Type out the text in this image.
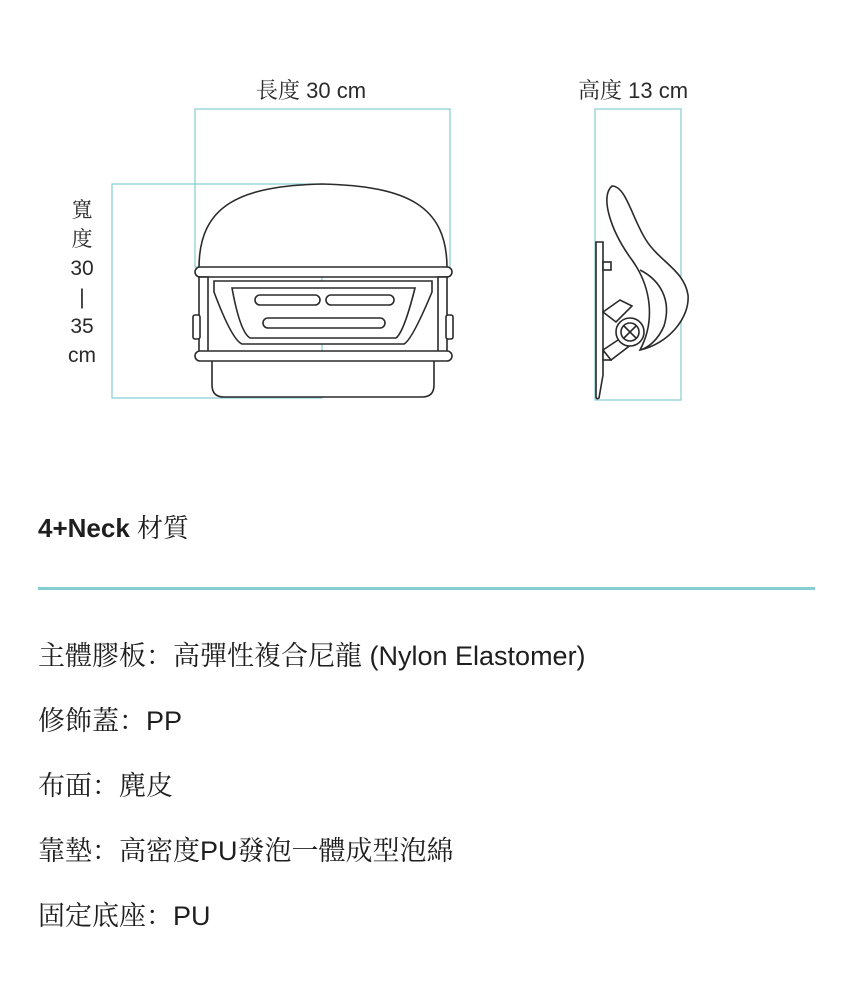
長度 30 cm	高度 13 cm
寬
度
30
|
35
cm
4+Neck 材質
主體膠板：高彈性複合尼龍 (Nylon Elastomer)
修飾蓋：PP
布面：麂皮
靠墊：高密度PU發泡一體成型泡綿
固定底座：PU
